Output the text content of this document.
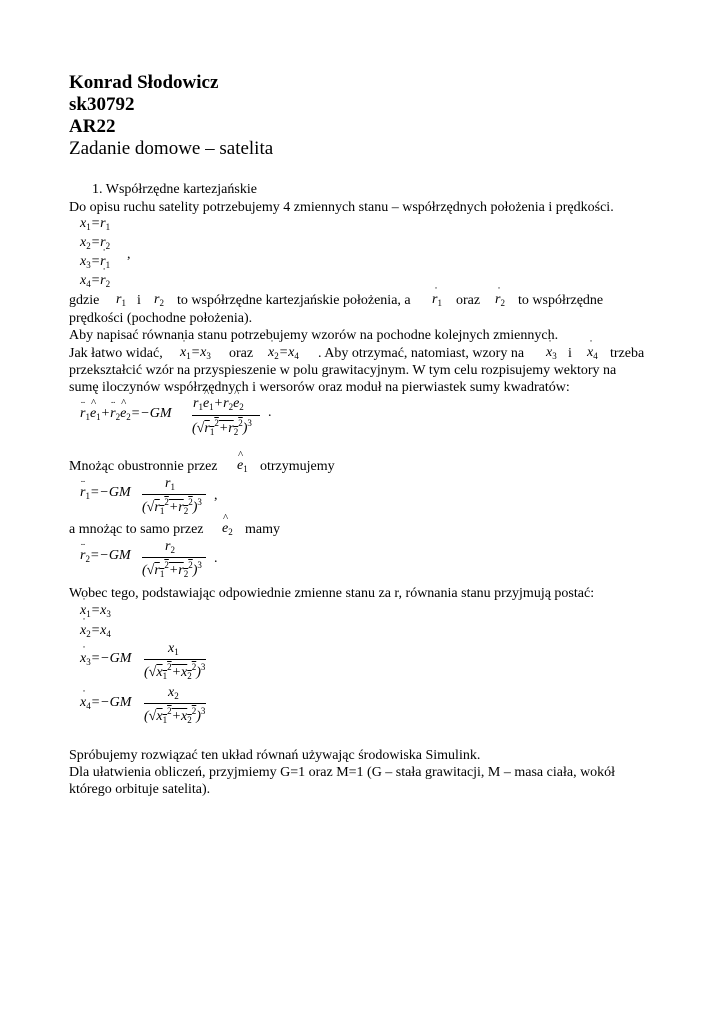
Konrad Słodowicz
sk30792
AR22
Zadanie domowe – satelita
1. Współrzędne kartezjańskie
Do opisu ruchu satelity potrzebujemy 4 zmiennych stanu – współrzędnych położenia i prędkości.
$x_1=r_1$
$x_2=r_2$
$x_3=˙$ $r_1$
$x_4=˙$ $r_2$
,
gdzie $r_1$ i $r_2$ to współrzędne kartezjańskie położenia, a ˙ $r_1$ oraz ˙ $r_2$ to współrzędne
prędkości (pochodne położenia).
Aby napisać równania stanu potrzebujemy wzorów na pochodne kolejnych zmiennych.
Jak łatwo widać, ˙ $x_1=x_3$ oraz ˙ $x_2=x_4$ . Aby otrzymać, natomiast, wzory na ˙ $x_3$ i ˙ $x_4$ trzeba
przekształcić wzór na przyspieszenie w polu grawitacyjnym. W tym celu rozpisujemy wektory na
sumę iloczynów współrzędnych i wersorów oraz moduł na pierwiastek sumy kwadratów:
¨ $r_1\^{}$ $e_1+¨$ $r_2\^{}$ $e_2=-GM$
$r_1\^{}$ $e_1+r_2\^{}$ $e_2$
$(√r_1^2+r_2^2)^3$
.
Mnożąc obustronnie przez ^ $e_1$ otrzymujemy
¨ $r_1=-GM$
$r_1$
$(√r_1^2+r_2^2)^3$ ,
a mnożąc to samo przez ^ $e_2$ mamy
¨ $r_2=-GM$
$r_2$
$(√r_1^2+r_2^2)^3$ .
Wobec tego, podstawiając odpowiednie zmienne stanu za r, równania stanu przyjmują postać:
˙ $x_1=x_3$
˙ $x_2=x_4$
˙ $x_3=-GM$
$x_1$
$(√x_1^2+x_2^2)^3$
˙ $x_4=-GM$
$x_2$
$(√x_1^2+x_2^2)^3$
Spróbujemy rozwiązać ten układ równań używając środowiska Simulink.
Dla ułatwienia obliczeń, przyjmiemy G=1 oraz M=1 (G – stała grawitacji, M – masa ciała, wokół
którego orbituje satelita).
